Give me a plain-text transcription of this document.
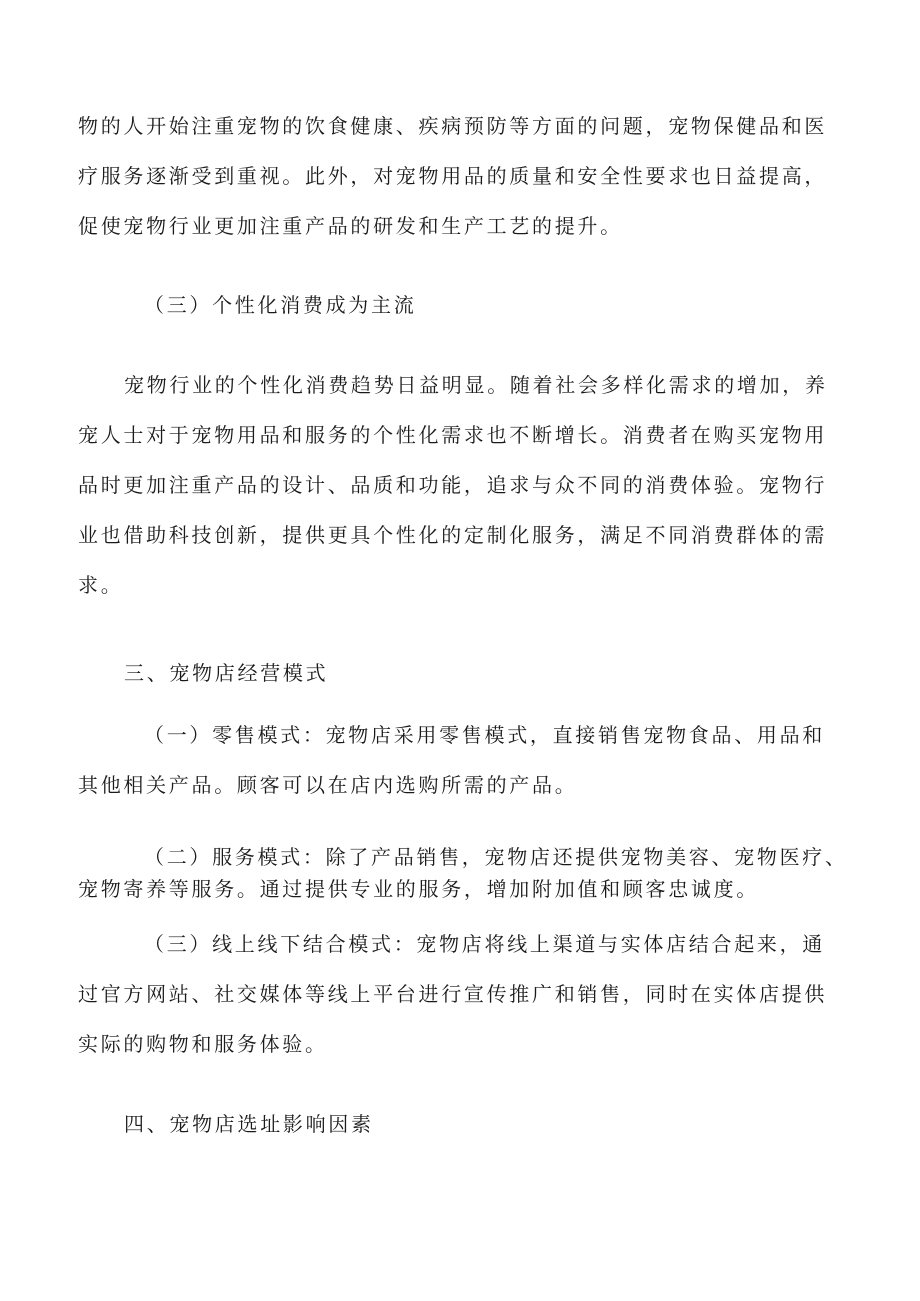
物的人开始注重宠物的饮食健康、疾病预防等方面的问题，宠物保健品和医
疗服务逐渐受到重视。此外，对宠物用品的质量和安全性要求也日益提高，
促使宠物行业更加注重产品的研发和生产工艺的提升。
（三）个性化消费成为主流
宠物行业的个性化消费趋势日益明显。随着社会多样化需求的增加，养
宠人士对于宠物用品和服务的个性化需求也不断增长。消费者在购买宠物用
品时更加注重产品的设计、品质和功能，追求与众不同的消费体验。宠物行
业也借助科技创新，提供更具个性化的定制化服务，满足不同消费群体的需
求。
三、宠物店经营模式
（一）零售模式：宠物店采用零售模式，直接销售宠物食品、用品和
其他相关产品。顾客可以在店内选购所需的产品。
（二）服务模式：除了产品销售，宠物店还提供宠物美容、宠物医疗、
宠物寄养等服务。通过提供专业的服务，增加附加值和顾客忠诚度。
（三）线上线下结合模式：宠物店将线上渠道与实体店结合起来，通
过官方网站、社交媒体等线上平台进行宣传推广和销售，同时在实体店提供
实际的购物和服务体验。
四、宠物店选址影响因素
